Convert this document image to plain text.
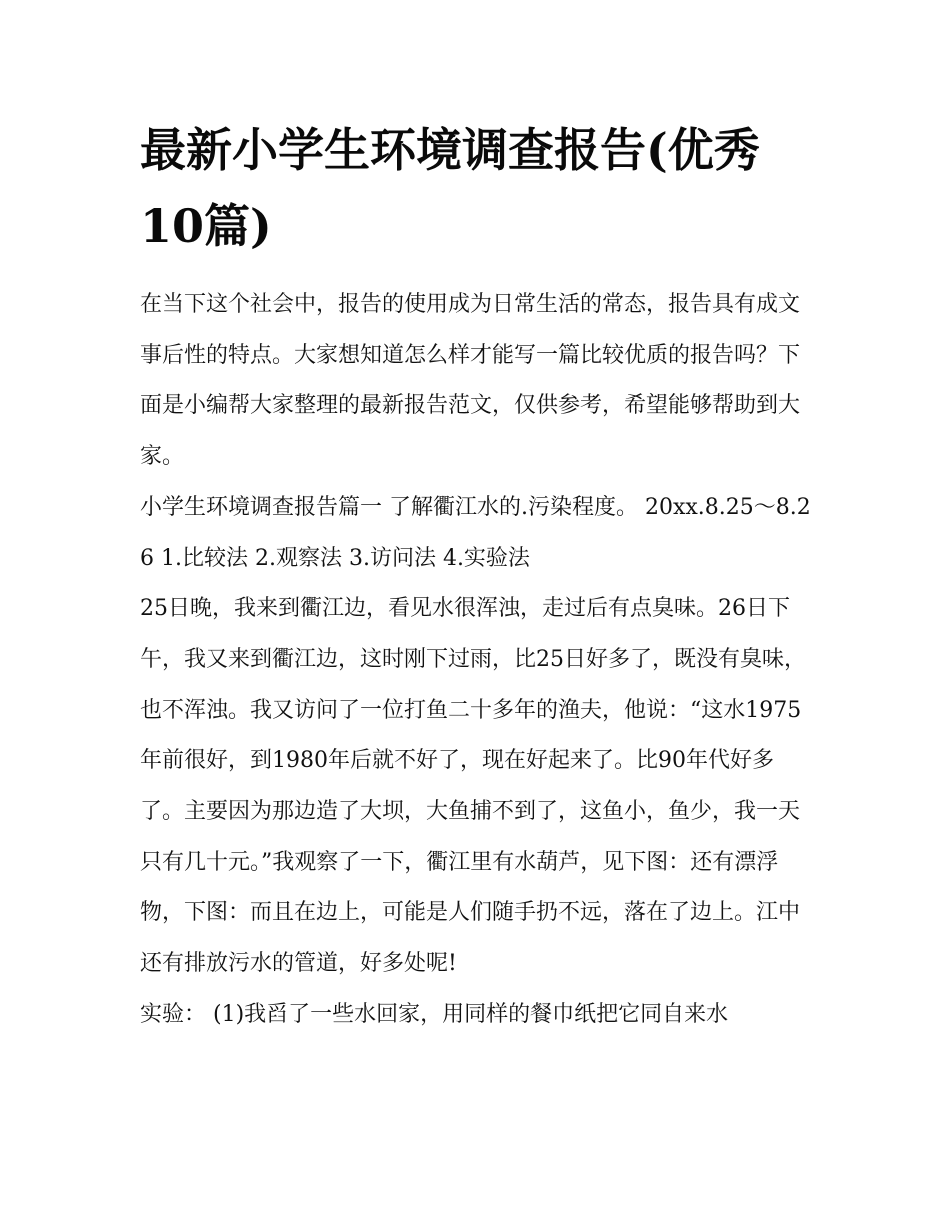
最新小学生环境调查报告(优秀10篇)

在当下这个社会中，报告的使用成为日常生活的常态，报告具有成文事后性的特点。大家想知道怎么样才能写一篇比较优质的报告吗？下面是小编帮大家整理的最新报告范文，仅供参考，希望能够帮助到大家。

小学生环境调查报告篇一 了解衢江水的.污染程度。 20xx.8.25～8.26 1.比较法 2.观察法 3.访问法 4.实验法

25日晚，我来到衢江边，看见水很浑浊，走过后有点臭味。26日下午，我又来到衢江边，这时刚下过雨，比25日好多了，既没有臭味，也不浑浊。我又访问了一位打鱼二十多年的渔夫，他说：“这水1975年前很好，到1980年后就不好了，现在好起来了。比90年代好多了。主要因为那边造了大坝，大鱼捕不到了，这鱼小，鱼少，我一天只有几十元。”我观察了一下，衢江里有水葫芦，见下图：还有漂浮物，下图：而且在边上，可能是人们随手扔不远，落在了边上。江中还有排放污水的管道，好多处呢!

实验： (1)我舀了一些水回家，用同样的餐巾纸把它同自来水
